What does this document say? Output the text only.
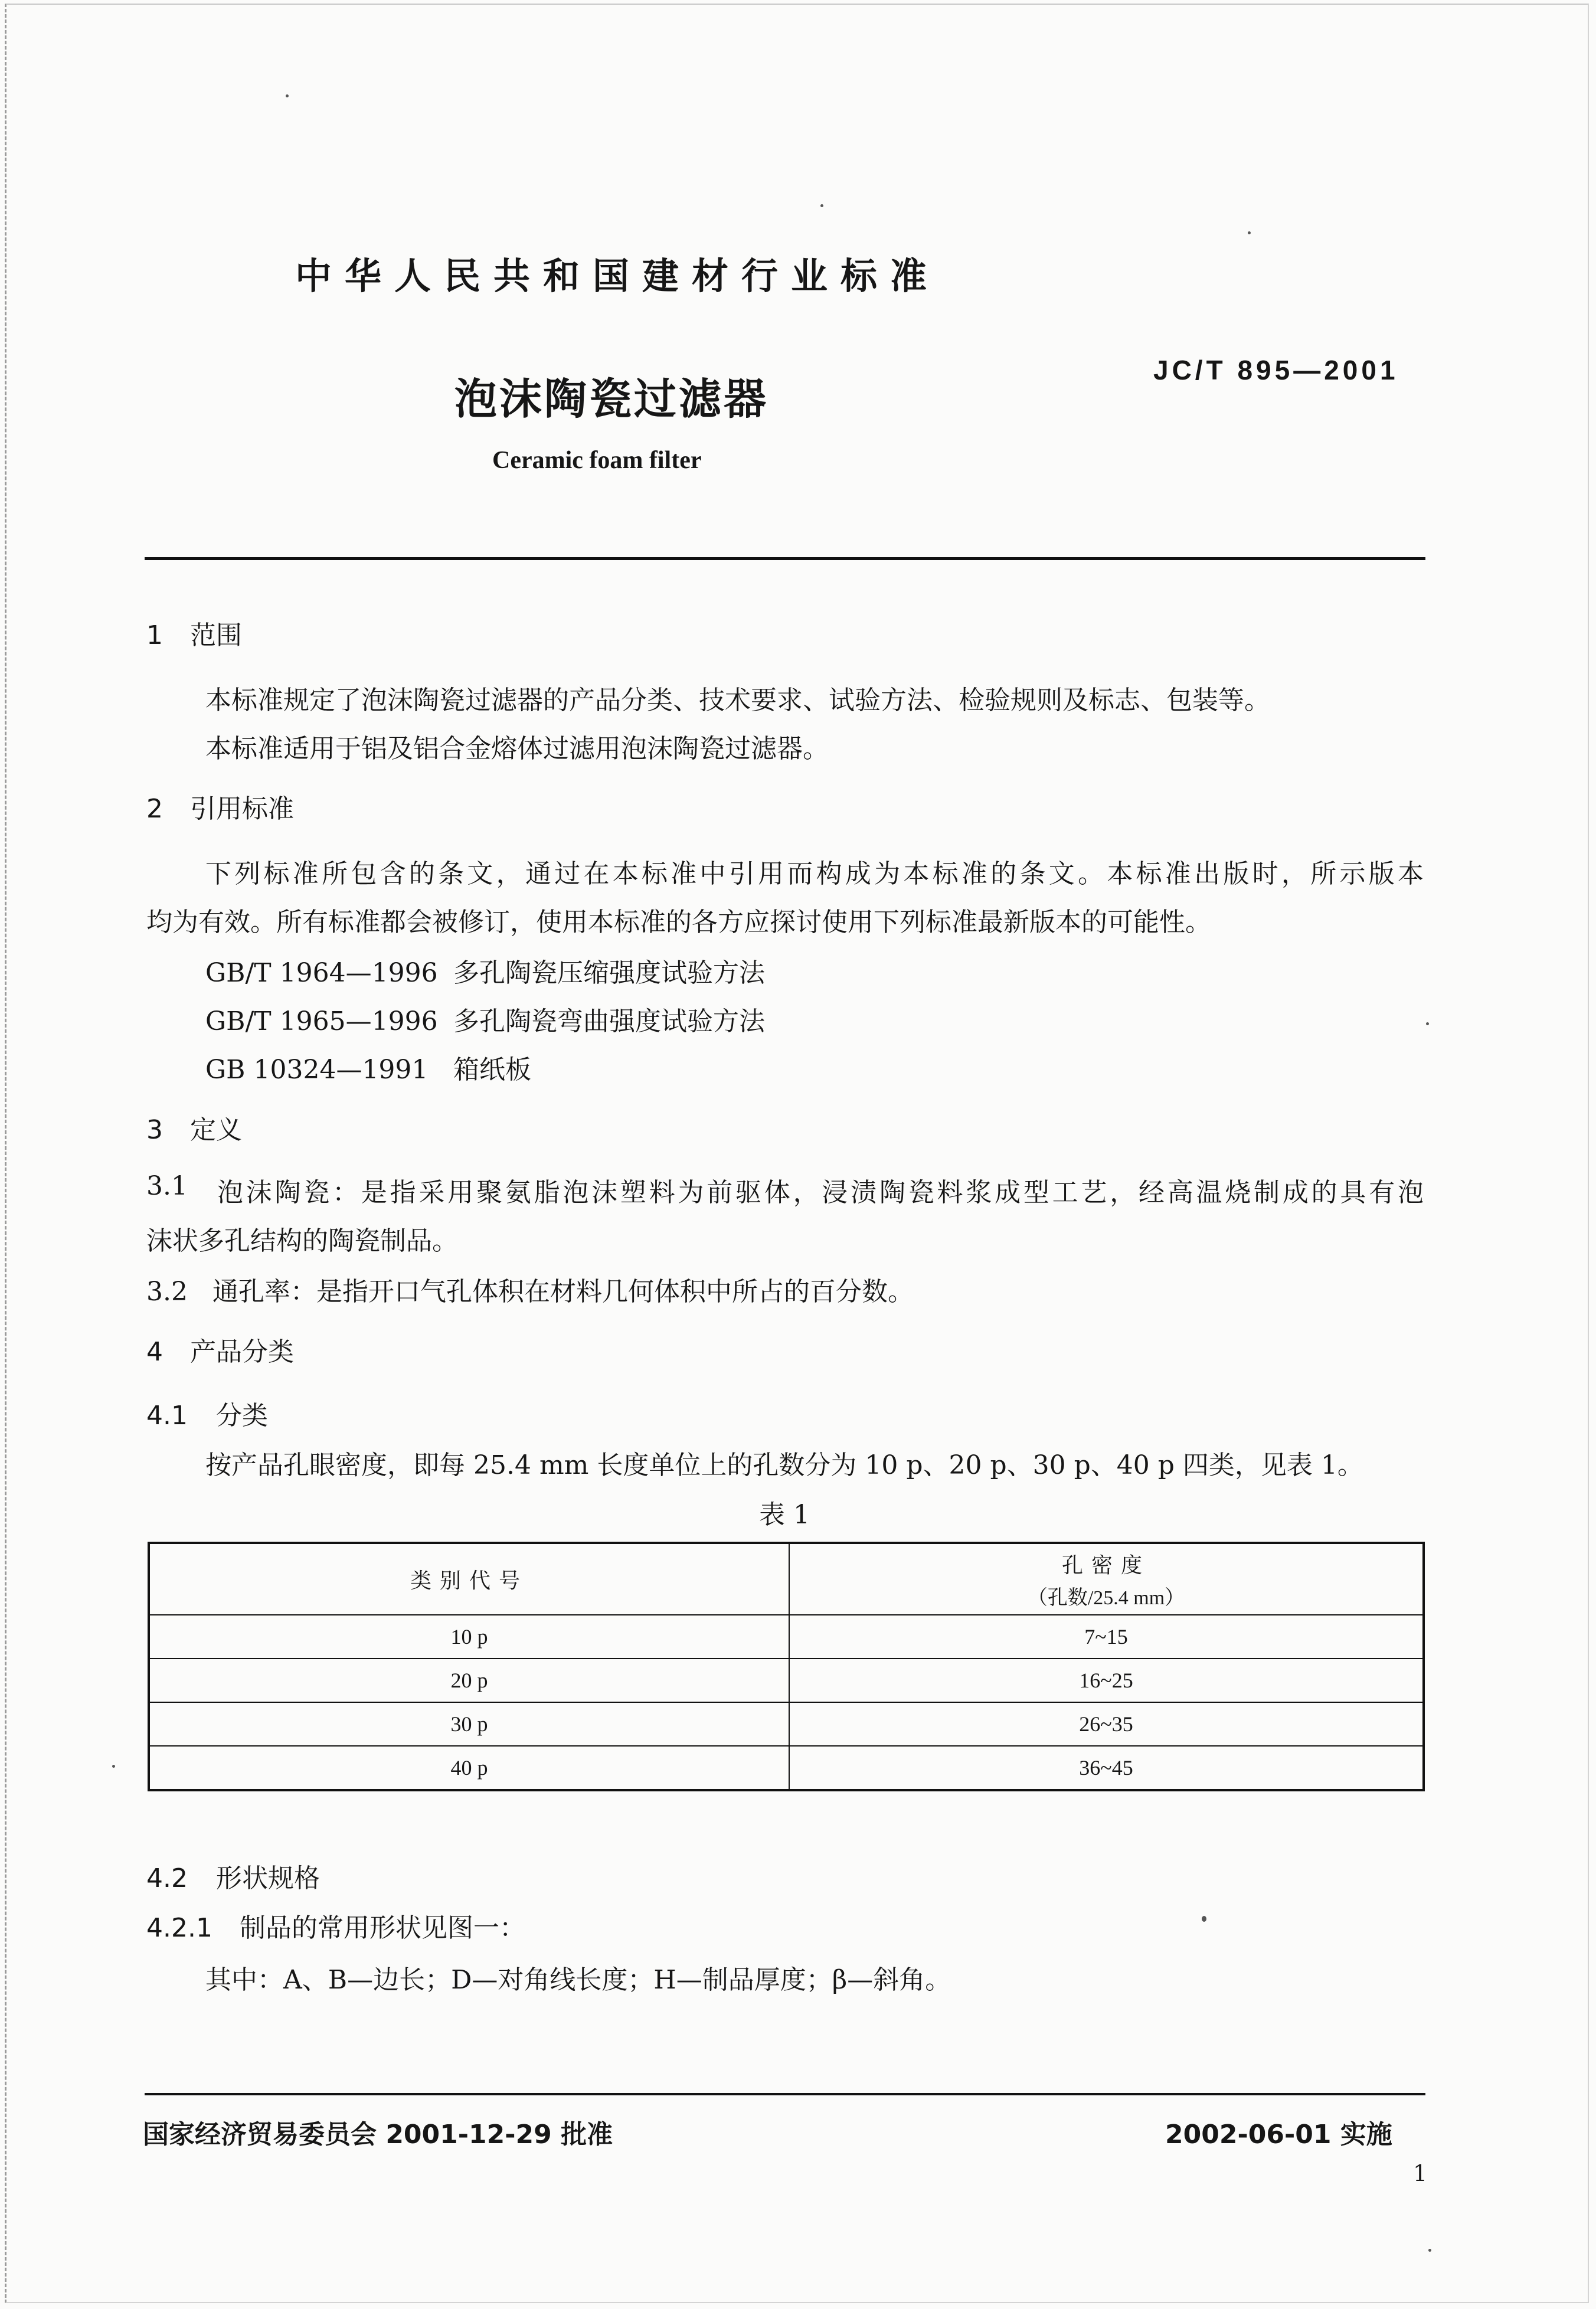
中华人民共和国建材行业标准
泡沫陶瓷过滤器
JC/T 895—2001
Ceramic foam filter
1 范围
本标准规定了泡沫陶瓷过滤器的产品分类、技术要求、试验方法、检验规则及标志、包装等。
本标准适用于铝及铝合金熔体过滤用泡沫陶瓷过滤器。
2 引用标准
下列标准所包含的条文，通过在本标准中引用而构成为本标准的条文。本标准出版时，所示版本
均为有效。所有标准都会被修订，使用本标准的各方应探讨使用下列标准最新版本的可能性。
GB/T 1964—1996 多孔陶瓷压缩强度试验方法
GB/T 1965—1996 多孔陶瓷弯曲强度试验方法
GB 10324—1991 箱纸板
3 定义
3.1 泡沫陶瓷：是指采用聚氨脂泡沫塑料为前驱体，浸渍陶瓷料浆成型工艺，经高温烧制成的具有泡
沫状多孔结构的陶瓷制品。
3.2 通孔率：是指开口气孔体积在材料几何体积中所占的百分数。
4 产品分类
4.1 分类
按产品孔眼密度，即每 25.4 mm 长度单位上的孔数分为 10 p、20 p、30 p、40 p 四类，见表 1。
表 1
类别代号	孔密度
（孔数/25.4 mm）

10 p	7~15
20 p	16~25
30 p	26~35
40 p	36~45
4.2 形状规格
4.2.1 制品的常用形状见图一：
其中：A、B—边长；D—对角线长度；H—制品厚度；β—斜角。
国家经济贸易委员会 2001-12-29 批准	2002-06-01 实施
1
